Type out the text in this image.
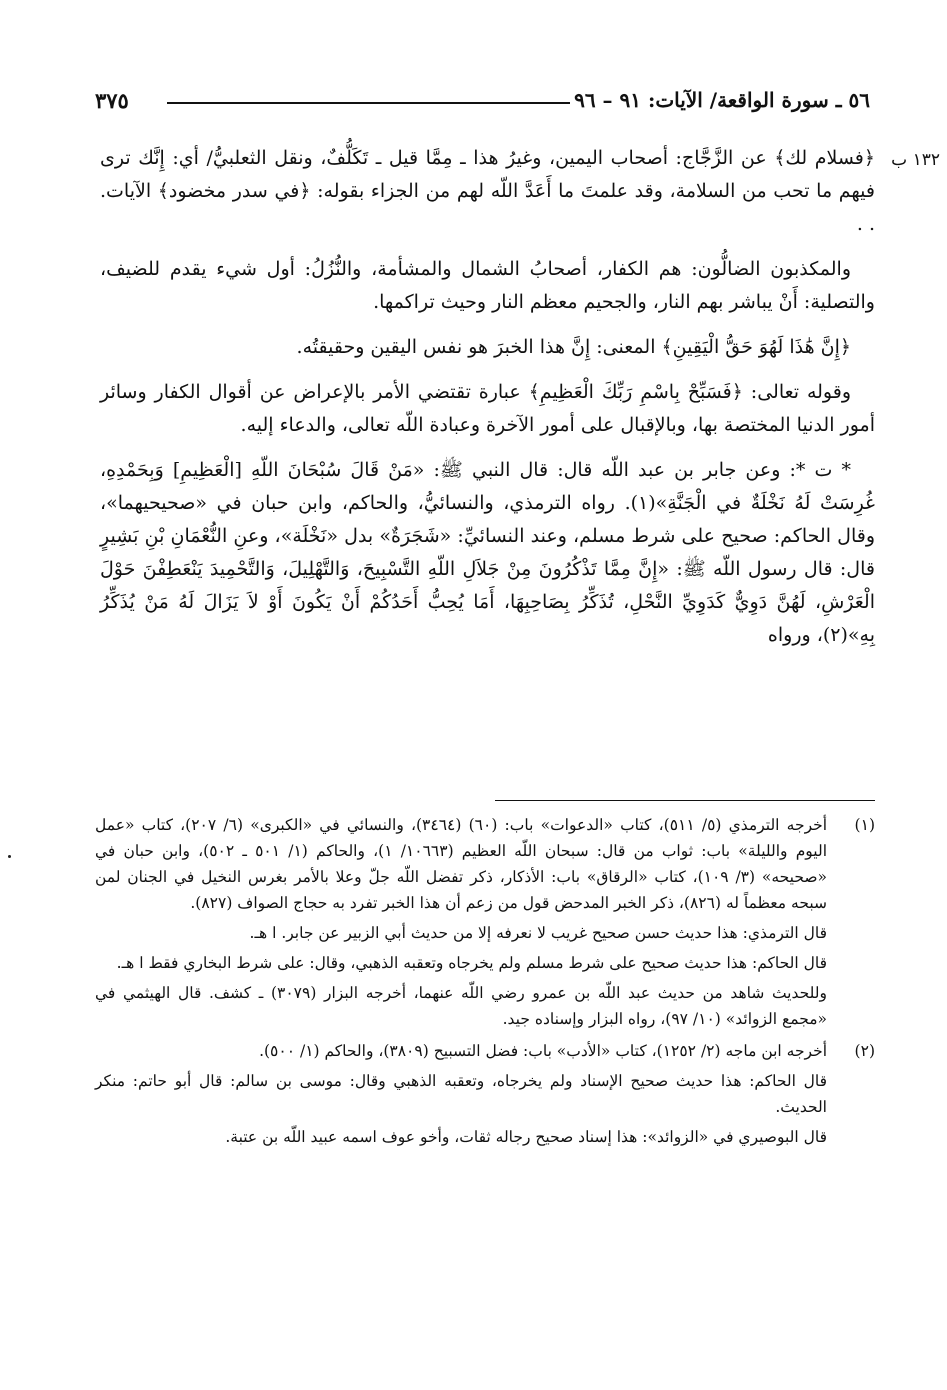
٥٦ ـ سورة الواقعة/ الآيات: ٩١ – ٩٦
٣٧٥
١٣٢ ب

﴿فسلام لك﴾ عن الزَّجَّاج: أصحاب اليمين، وغيرُ هذا ـ مِمَّا قيل ـ تَكَلُّفٌ، ونقل الثعلبيُّ/ أي: إِنَّك ترى فيهم ما تحب من السلامة، وقد علمتَ ما أَعَدَّ اللّه لهم من الجزاء بقوله: ﴿في سدر مخضود﴾ الآيات. . .

والمكذبون الضالُّون: هم الكفار، أصحابُ الشمال والمشأمة، والنُّزُلُ: أول شيء يقدم للضيف، والتصلية: أَنْ يباشر بهم النار، والجحيم معظم النار وحيث تراكمها.

﴿إِنَّ هَٰذَا لَهُوَ حَقُّ الْيَقِينِ﴾ المعنى: إِنَّ هذا الخبرَ هو نفس اليقين وحقيقتُه.

وقوله تعالى: ﴿فَسَبِّحْ بِاسْمِ رَبِّكَ الْعَظِيمِ﴾ عبارة تقتضي الأمر بالإعراض عن أقوال الكفار وسائر أمور الدنيا المختصة بها، وبالإقبال على أمور الآخرة وعبادة اللّه تعالى، والدعاء إليه.

* ت *: وعن جابر بن عبد اللّه قال: قال النبي ﷺ: «مَنْ قَالَ سُبْحَانَ اللّهِ [الْعَظِيمِ] وَبِحَمْدِهِ، غُرِسَتْ لَهُ نَخْلَةٌ في الْجَنَّةِ»(١). رواه الترمذي، والنسائيُّ، والحاكم، وابن حبان في «صحيحيهما»، وقال الحاكم: صحيح على شرط مسلم، وعند النسائيِّ: «شَجَرَةٌ» بدل «نَخْلَة»، وعنِ النُّعْمَانِ بْنِ بَشِيرٍ قال: قال رسول اللّه ﷺ: «إِنَّ مِمَّا تَذْكُرُونَ مِنْ جَلاَلِ اللّهِ التَّسْبِيحَ، وَالتَّهْلِيلَ، وَالتَّحْمِيدَ يَنْعَطِفْنَ حَوْلَ الْعَرْشِ، لَهُنَّ دَوِيٌّ كَدَوِيِّ النَّحْلِ، تُذَكِّرُ بِصَاحِبِهَا، أَمَا يُحِبُّ أَحَدُكُمْ أَنْ يَكُونَ أَوْ لاَ يَزَالَ لَهُ مَنْ يُذَكِّرُ بِهِ»(٢)، ورواه

(١)

أخرجه الترمذي (٥/ ٥١١)، كتاب «الدعوات» باب: (٦٠) (٣٤٦٤)، والنسائي في «الكبرى» (٦/ ٢٠٧)، كتاب «عمل اليوم والليلة» باب: ثواب من قال: سبحان اللّه العظيم (١٠٦٦٣/ ١)، والحاكم (١/ ٥٠١ ـ ٥٠٢)، وابن حبان في «صحيحه» (٣/ ١٠٩)، كتاب «الرقاق» باب: الأذكار، ذكر تفضل اللّه جلّ وعلا بالأمر بغرس النخيل في الجنان لمن سبحه معظماً له (٨٢٦)، ذكر الخبر المدحض قول من زعم أن هذا الخبر تفرد به حجاج الصواف (٨٢٧).

قال الترمذي: هذا حديث حسن صحيح غريب لا نعرفه إلا من حديث أبي الزبير عن جابر. ا هـ.

قال الحاكم: هذا حديث صحيح على شرط مسلم ولم يخرجاه وتعقبه الذهبي، وقال: على شرط البخاري فقط ا هـ.

وللحديث شاهد من حديث عبد اللّه بن عمرو رضي اللّه عنهما، أخرجه البزار (٣٠٧٩) ـ كشف. قال الهيثمي في «مجمع الزوائد» (١٠/ ٩٧)، رواه البزار وإسناده جيد.

(٢)

أخرجه ابن ماجه (٢/ ١٢٥٢)، كتاب «الأدب» باب: فضل التسبيح (٣٨٠٩)، والحاكم (١/ ٥٠٠).

قال الحاكم: هذا حديث صحيح الإسناد ولم يخرجاه، وتعقبه الذهبي وقال: موسى بن سالم: قال أبو حاتم: منكر الحديث.

قال البوصيري في «الزوائد»: هذا إسناد صحيح رجاله ثقات، وأخو عوف اسمه عبيد اللّه بن عتبة.
